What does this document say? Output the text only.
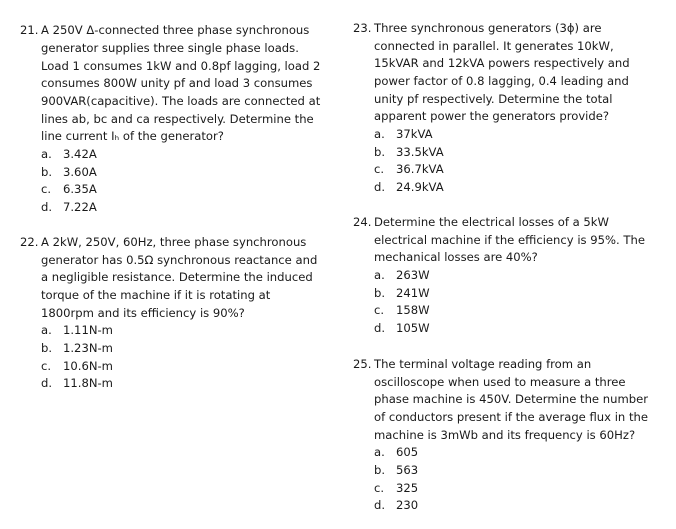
21. A 250V Δ-connected three phase synchronous
generator supplies three single phase loads.
Load 1 consumes 1kW and 0.8pf lagging, load 2
consumes 800W unity pf and load 3 consumes
900VAR(capacitive). The loads are connected at
lines ab, bc and ca respectively. Determine the
line current Iₕ of the generator?
a. 3.42A
b. 3.60A
c. 6.35A
d. 7.22A
22. A 2kW, 250V, 60Hz, three phase synchronous
generator has 0.5Ω synchronous reactance and
a negligible resistance. Determine the induced
torque of the machine if it is rotating at
1800rpm and its efficiency is 90%?
a. 1.11N-m
b. 1.23N-m
c. 10.6N-m
d. 11.8N-m
23. Three synchronous generators (3ϕ) are
connected in parallel. It generates 10kW,
15kVAR and 12kVA powers respectively and
power factor of 0.8 lagging, 0.4 leading and
unity pf respectively. Determine the total
apparent power the generators provide?
a. 37kVA
b. 33.5kVA
c. 36.7kVA
d. 24.9kVA
24. Determine the electrical losses of a 5kW
electrical machine if the efficiency is 95%. The
mechanical losses are 40%?
a. 263W
b. 241W
c. 158W
d. 105W
25. The terminal voltage reading from an
oscilloscope when used to measure a three
phase machine is 450V. Determine the number
of conductors present if the average flux in the
machine is 3mWb and its frequency is 60Hz?
a. 605
b. 563
c. 325
d. 230
